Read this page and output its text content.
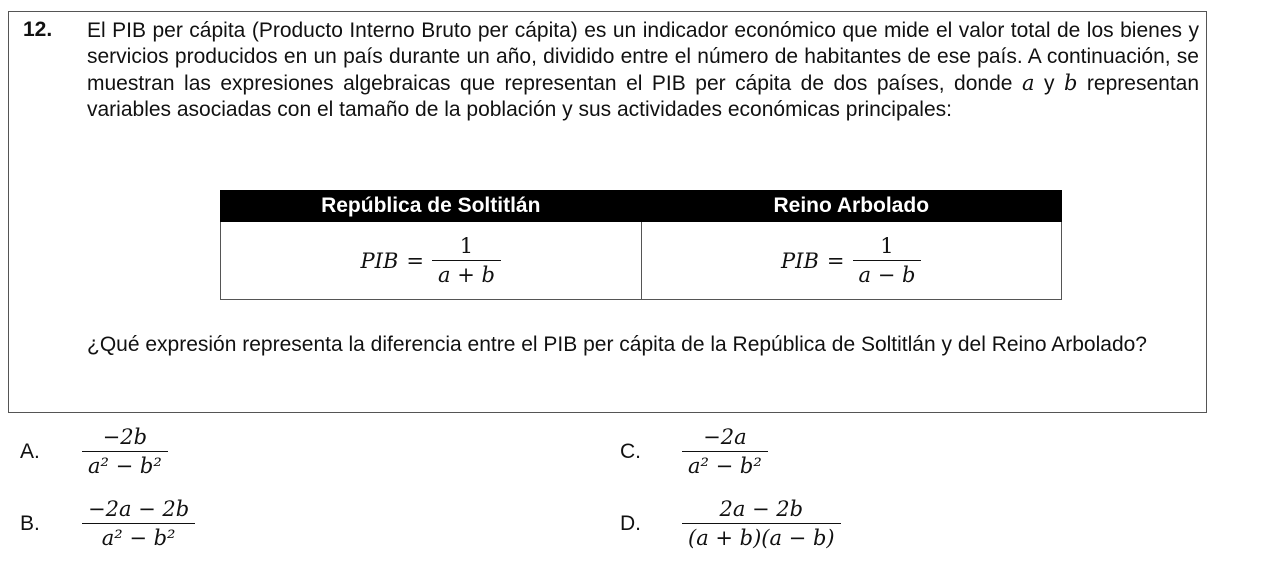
12. El PIB per cápita (Producto Interno Bruto per cápita) es un indicador económico que mide el valor total de los bienes y servicios producidos en un país durante un año, dividido entre el número de habitantes de ese país. A continuación, se muestran las expresiones algebraicas que representan el PIB per cápita de dos países, donde a y b representan variables asociadas con el tamaño de la población y sus actividades económicas principales:
República de Soltitlán	Reino Arbolado

PIB = $\frac{1}{a + b}$	PIB = $\frac{1}{a - b}$
¿Qué expresión representa la diferencia entre el PIB per cápita de la República de Soltitlán y del Reino Arbolado?
A.	$\frac{-2b}{\text{a² − b²}}$
B.	$\frac{-2a - 2b}{\text{a² − b²}}$
C.	$\frac{-2a}{\text{a² − b²}}$
D.	$\frac{2a - 2b}{(a + b)(a - b)}$
